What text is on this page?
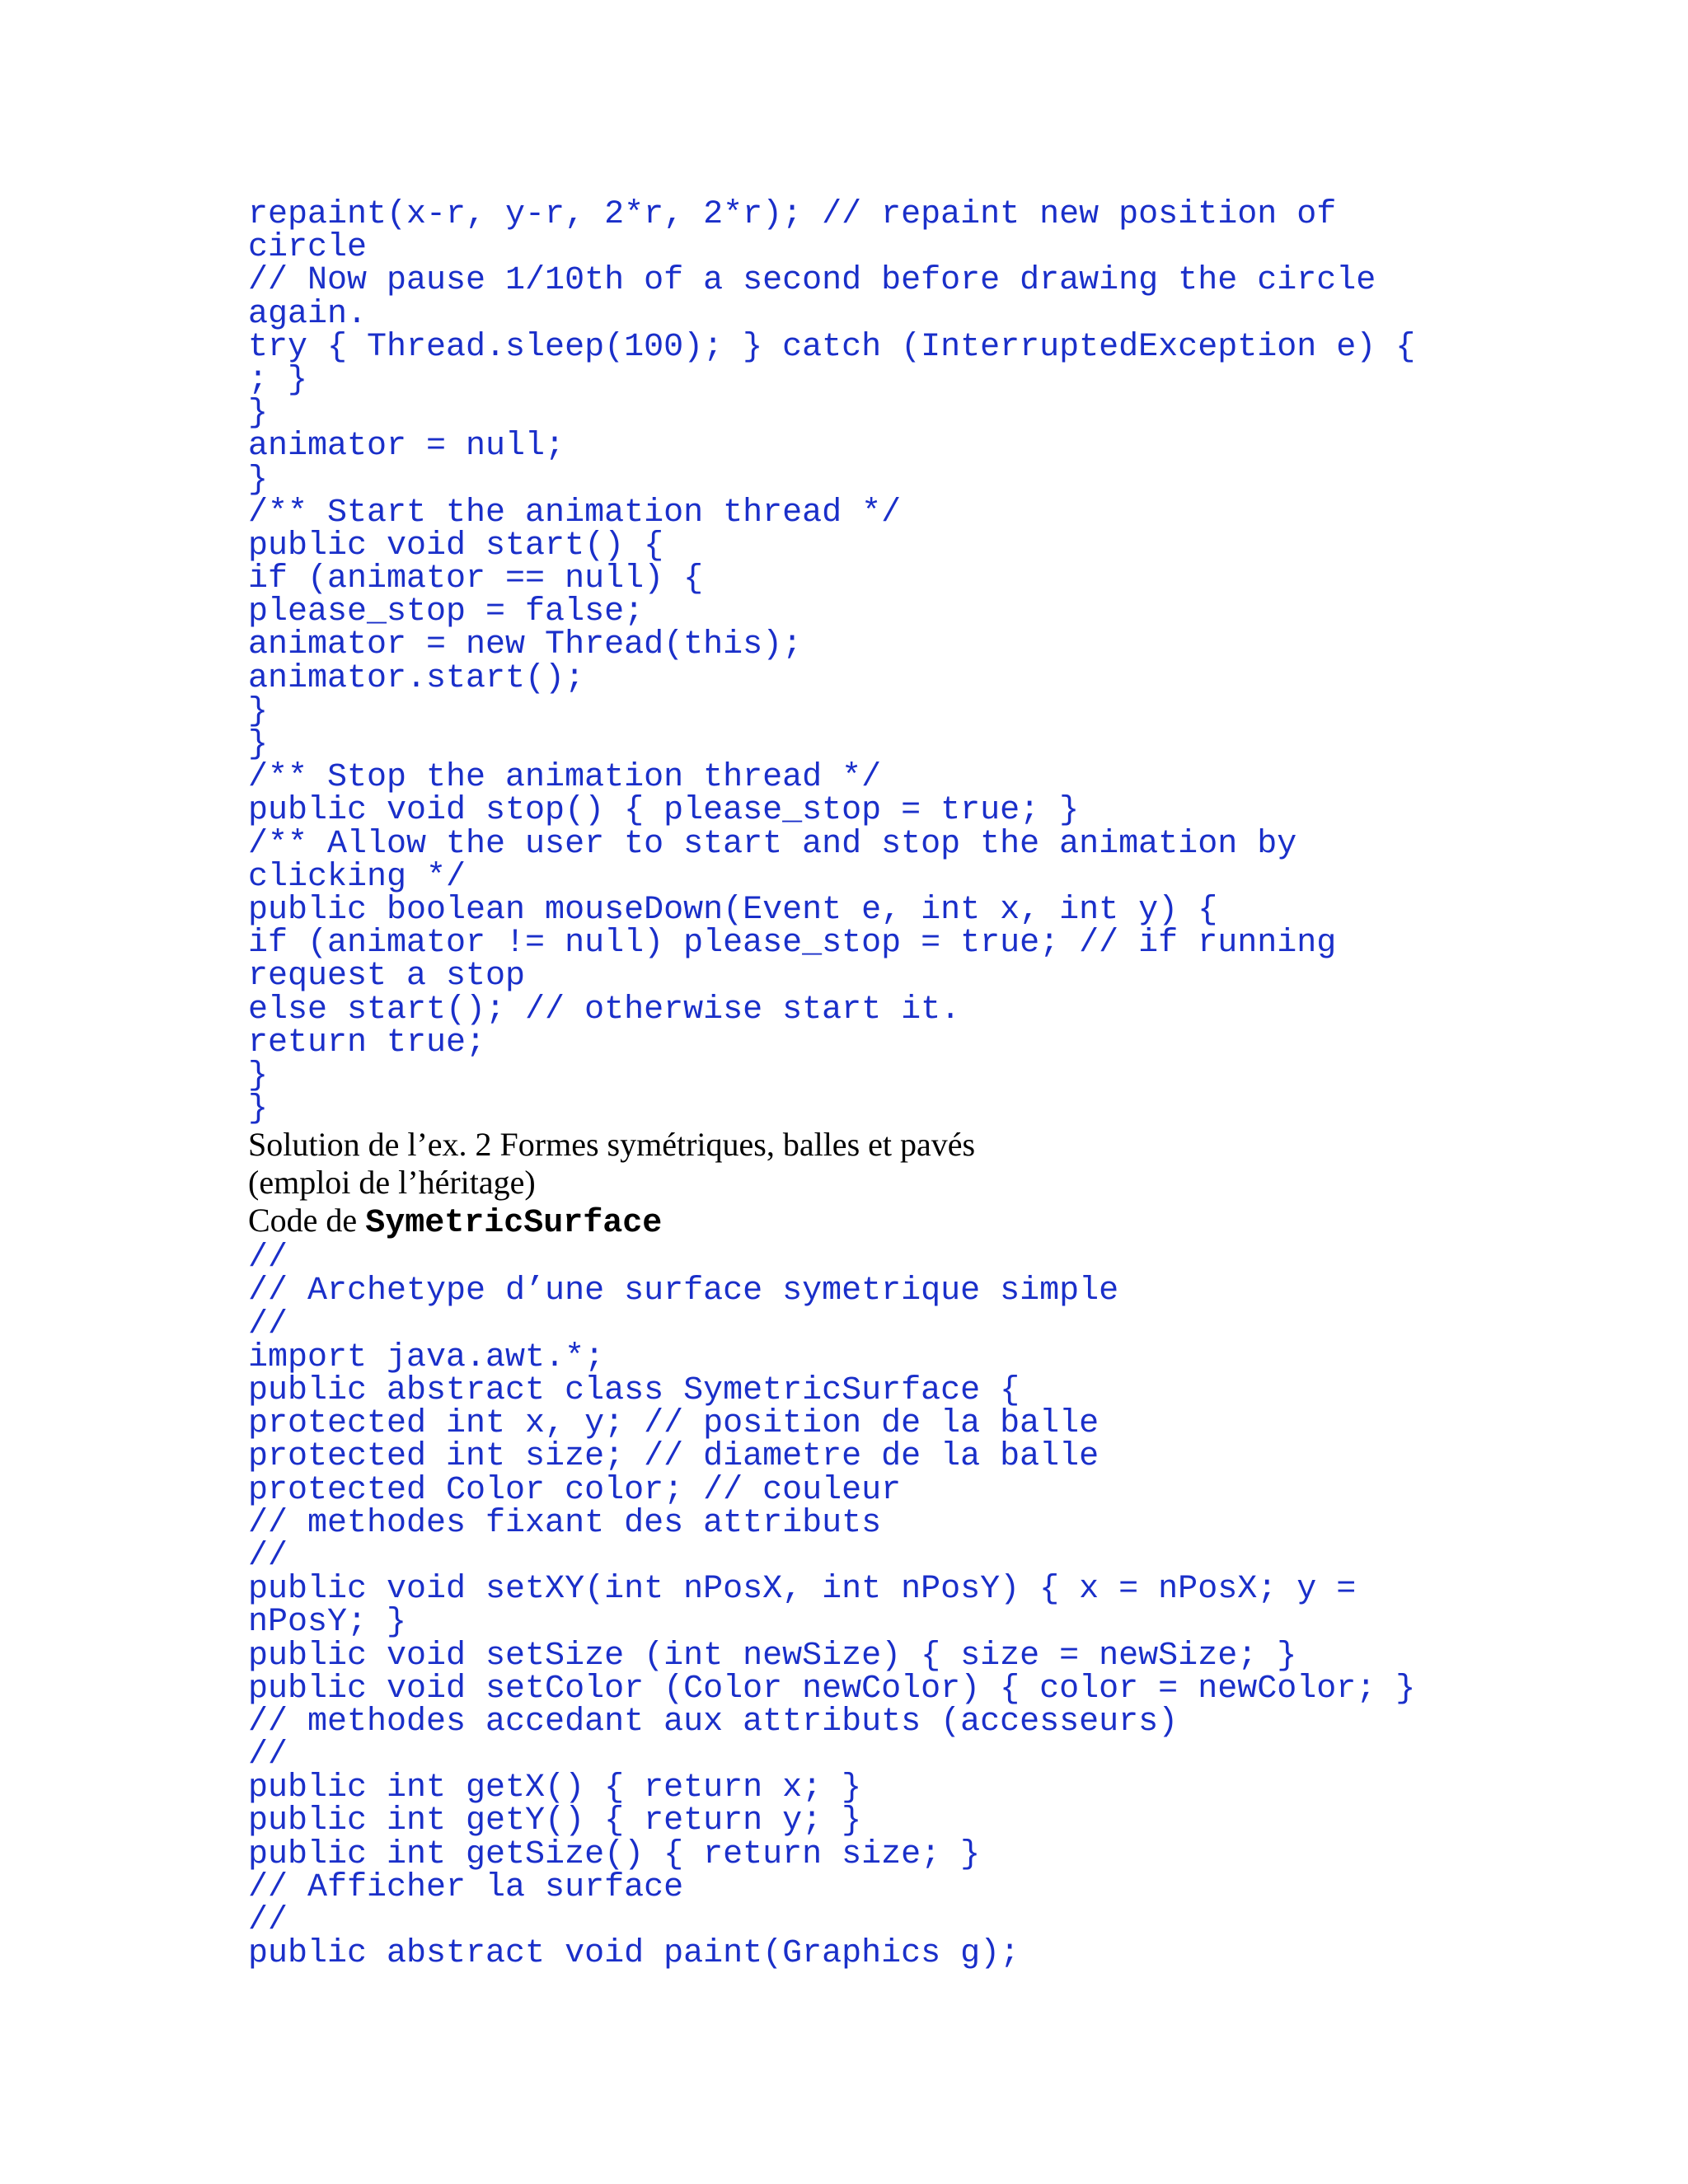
repaint(x-r, y-r, 2*r, 2*r); // repaint new position of
circle
// Now pause 1/10th of a second before drawing the circle
again.
try { Thread.sleep(100); } catch (InterruptedException e) {
; }
}
animator = null;
}
/** Start the animation thread */
public void start() {
if (animator == null) {
please_stop = false;
animator = new Thread(this);
animator.start();
}
}
/** Stop the animation thread */
public void stop() { please_stop = true; }
/** Allow the user to start and stop the animation by
clicking */
public boolean mouseDown(Event e, int x, int y) {
if (animator != null) please_stop = true; // if running
request a stop
else start(); // otherwise start it.
return true;
}
}
Solution de l’ex. 2 Formes symétriques, balles et pavés
(emploi de l’héritage)
Code de SymetricSurface
//
// Archetype d’une surface symetrique simple
//
import java.awt.*;
public abstract class SymetricSurface {
protected int x, y; // position de la balle
protected int size; // diametre de la balle
protected Color color; // couleur
// methodes fixant des attributs
//
public void setXY(int nPosX, int nPosY) { x = nPosX; y =
nPosY; }
public void setSize (int newSize) { size = newSize; }
public void setColor (Color newColor) { color = newColor; }
// methodes accedant aux attributs (accesseurs)
//
public int getX() { return x; }
public int getY() { return y; }
public int getSize() { return size; }
// Afficher la surface
//
public abstract void paint(Graphics g);
